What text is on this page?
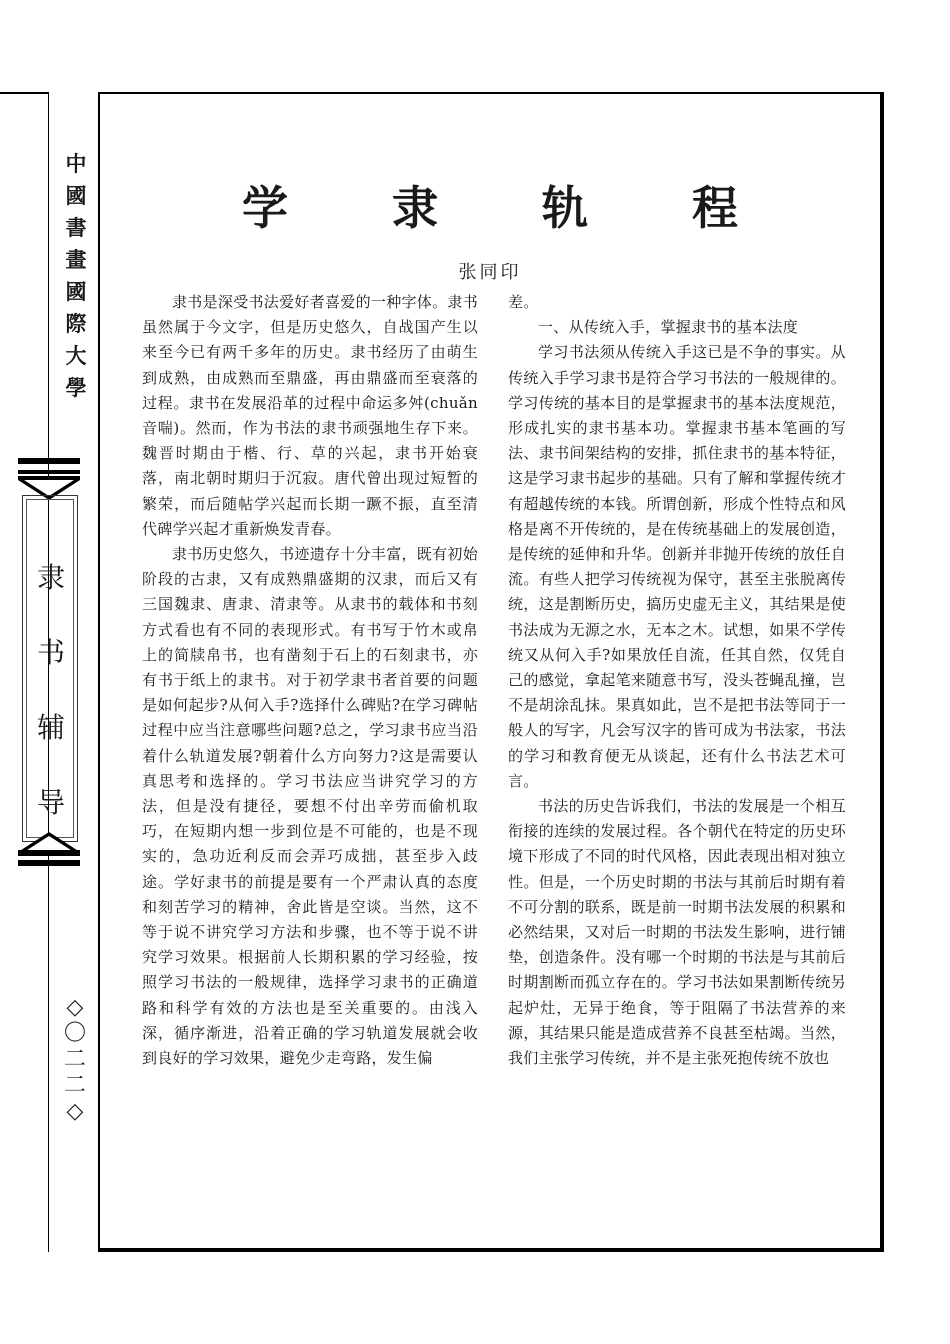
中
國
書
畫
國
際
大
學
隶
书
辅
导
◇
〇
二
二
◇
学 隶 轨 程
张同印

隶书是深受书法爱好者喜爱的一种字体。隶书虽然属于今文字，但是历史悠久，自战国产生以来至今已有两千多年的历史。隶书经历了由萌生到成熟，由成熟而至鼎盛，再由鼎盛而至衰落的过程。隶书在发展沿革的过程中命运多舛(chuǎn 音喘)。然而，作为书法的隶书顽强地生存下来。魏晋时期由于楷、行、草的兴起，隶书开始衰落，南北朝时期归于沉寂。唐代曾出现过短暂的繁荣，而后随帖学兴起而长期一蹶不振，直至清代碑学兴起才重新焕发青春。

隶书历史悠久，书迹遗存十分丰富，既有初始阶段的古隶，又有成熟鼎盛期的汉隶，而后又有三国魏隶、唐隶、清隶等。从隶书的载体和书刻方式看也有不同的表现形式。有书写于竹木或帛上的简牍帛书，也有凿刻于石上的石刻隶书，亦有书于纸上的隶书。对于初学隶书者首要的问题是如何起步?从何入手?选择什么碑贴?在学习碑帖过程中应当注意哪些问题?总之，学习隶书应当沿着什么轨道发展?朝着什么方向努力?这是需要认真思考和选择的。学习书法应当讲究学习的方法，但是没有捷径，要想不付出辛劳而偷机取巧，在短期内想一步到位是不可能的，也是不现实的，急功近利反而会弄巧成拙，甚至步入歧途。学好隶书的前提是要有一个严肃认真的态度和刻苦学习的精神，舍此皆是空谈。当然，这不等于说不讲究学习方法和步骤，也不等于说不讲究学习效果。根据前人长期积累的学习经验，按照学习书法的一般规律，选择学习隶书的正确道路和科学有效的方法也是至关重要的。由浅入深，循序渐进，沿着正确的学习轨道发展就会收到良好的学习效果，避免少走弯路，发生偏

差。

一、从传统入手，掌握隶书的基本法度

学习书法须从传统入手这已是不争的事实。从传统入手学习隶书是符合学习书法的一般规律的。学习传统的基本目的是掌握隶书的基本法度规范，形成扎实的隶书基本功。掌握隶书基本笔画的写法、隶书间架结构的安排，抓住隶书的基本特征，这是学习隶书起步的基础。只有了解和掌握传统才有超越传统的本钱。所谓创新，形成个性特点和风格是离不开传统的，是在传统基础上的发展创造，是传统的延伸和升华。创新并非抛开传统的放任自流。有些人把学习传统视为保守，甚至主张脱离传统，这是割断历史，搞历史虚无主义，其结果是使书法成为无源之水，无本之木。试想，如果不学传统又从何入手?如果放任自流，任其自然，仅凭自己的感觉，拿起笔来随意书写，没头苍蝇乱撞，岂不是胡涂乱抹。果真如此，岂不是把书法等同于一般人的写字，凡会写汉字的皆可成为书法家，书法的学习和教育便无从谈起，还有什么书法艺术可言。

书法的历史告诉我们，书法的发展是一个相互衔接的连续的发展过程。各个朝代在特定的历史环境下形成了不同的时代风格，因此表现出相对独立性。但是，一个历史时期的书法与其前后时期有着不可分割的联系，既是前一时期书法发展的积累和必然结果，又对后一时期的书法发生影响，进行铺垫，创造条件。没有哪一个时期的书法是与其前后时期割断而孤立存在的。学习书法如果割断传统另起炉灶，无异于绝食，等于阻隔了书法营养的来源，其结果只能是造成营养不良甚至枯竭。当然，我们主张学习传统，并不是主张死抱传统不放也
